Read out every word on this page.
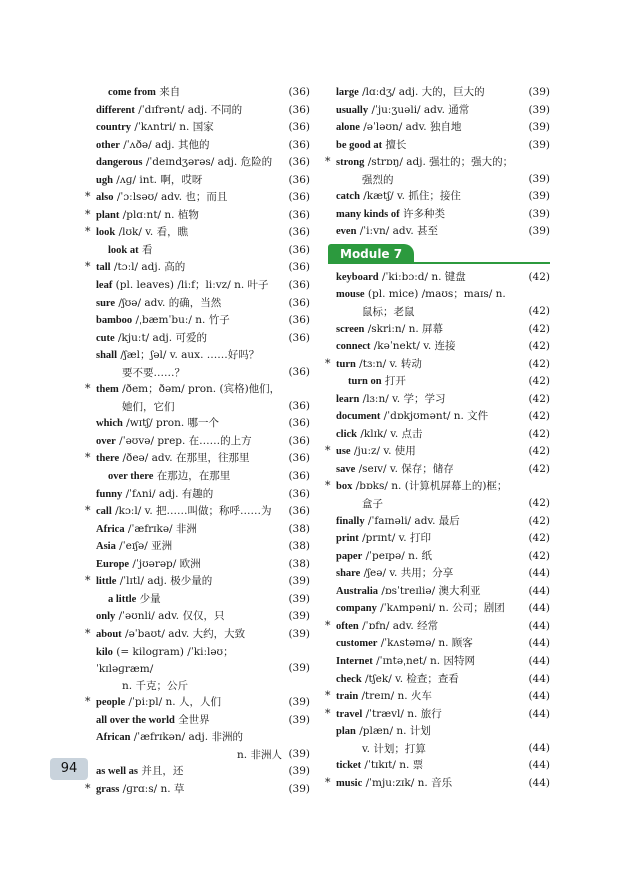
come from 来自	(36)
different /ˈdɪfrənt/ adj. 不同的	(36)
country /ˈkʌntri/ n. 国家	(36)
other /ˈʌðə/ adj. 其他的	(36)
dangerous /ˈdeɪndʒərəs/ adj. 危险的 (36)
ugh /ʌɡ/ int. 啊，哎呀	(36)
* also /ˈɔːlsəʊ/ adv. 也；而且	(36)
* plant /plɑːnt/ n. 植物	(36)
* look /lʊk/ v. 看，瞧	(36)
look at 看	(36)
* tall /tɔːl/ adj. 高的	(36)
leaf (pl. leaves) /liːf；liːvz/ n. 叶子 (36)
sure /ʃʊə/ adv. 的确，当然	(36)
bamboo /ˌbæmˈbuː/ n. 竹子	(36)
cute /kjuːt/ adj. 可爱的	(36)
shall /ʃæl；ʃəl/ v. aux. ……好吗？
要不要……？	(36)
* them /ðem；ðəm/ pron. (宾格)他们，
她们，它们	(36)
which /wɪtʃ/ pron. 哪一个	(36)
over /ˈəʊvə/ prep. 在……的上方	(36)
* there /ðeə/ adv. 在那里，往那里	(36)
over there 在那边，在那里	(36)
funny /ˈfʌni/ adj. 有趣的	(36)
* call /kɔːl/ v. 把……叫做；称呼……为 (36)
Africa /ˈæfrɪkə/ 非洲	(38)
Asia /ˈeɪʃə/ 亚洲	(38)
Europe /ˈjʊərəp/ 欧洲	(38)
* little /ˈlɪtl/ adj. 极少量的	(39)
a little 少量	(39)
only /ˈəʊnli/ adv. 仅仅，只	(39)
* about /əˈbaʊt/ adv. 大约，大致	(39)
kilo (= kilogram) /ˈkiːləʊ；ˈkɪləɡræm/
n. 千克；公斤
(39)
* people /ˈpiːpl/ n. 人，人们	(39)
all over the world 全世界	(39)
African /ˈæfrɪkən/ adj. 非洲的
n. 非洲人 (39)
as well as 并且，还	(39)
* grass /ɡrɑːs/ n. 草	(39)
large /lɑːdʒ/ adj. 大的，巨大的	(39)
usually /ˈjuːʒuəli/ adv. 通常	(39)
alone /əˈləʊn/ adv. 独自地	(39)
be good at 擅长	(39)
* strong /strɒŋ/ adj. 强壮的；强大的；
强烈的	(39)
catch /kætʃ/ v. 抓住；接住	(39)
many kinds of 许多种类	(39)
even /ˈiːvn/ adv. 甚至	(39)
Module 7
keyboard /ˈkiːbɔːd/ n. 键盘	(42)
mouse (pl. mice) /maʊs；maɪs/ n.
鼠标；老鼠	(42)
screen /skriːn/ n. 屏幕	(42)
connect /kəˈnekt/ v. 连接	(42)
* turn /tɜːn/ v. 转动	(42)
turn on 打开	(42)
learn /lɜːn/ v. 学；学习	(42)
document /ˈdɒkjʊmənt/ n. 文件	(42)
click /klɪk/ v. 点击	(42)
* use /juːz/ v. 使用	(42)
save /seɪv/ v. 保存；储存	(42)
* box /bɒks/ n. (计算机屏幕上的)框；
盒子	(42)
finally /ˈfaɪnəli/ adv. 最后	(42)
print /prɪnt/ v. 打印	(42)
paper /ˈpeɪpə/ n. 纸	(42)
share /ʃeə/ v. 共用；分享	(44)
Australia /ɒsˈtreɪliə/ 澳大利亚	(44)
company /ˈkʌmpəni/ n. 公司；剧团 (44)
* often /ˈɒfn/ adv. 经常	(44)
customer /ˈkʌstəmə/ n. 顾客	(44)
Internet /ˈɪntəˌnet/ n. 因特网	(44)
check /tʃek/ v. 检查；查看	(44)
* train /treɪn/ n. 火车	(44)
* travel /ˈtrævl/ n. 旅行	(44)
plan /plæn/ n. 计划
v. 计划；打算	(44)
ticket /ˈtɪkɪt/ n. 票	(44)
* music /ˈmjuːzɪk/ n. 音乐	(44)
94
